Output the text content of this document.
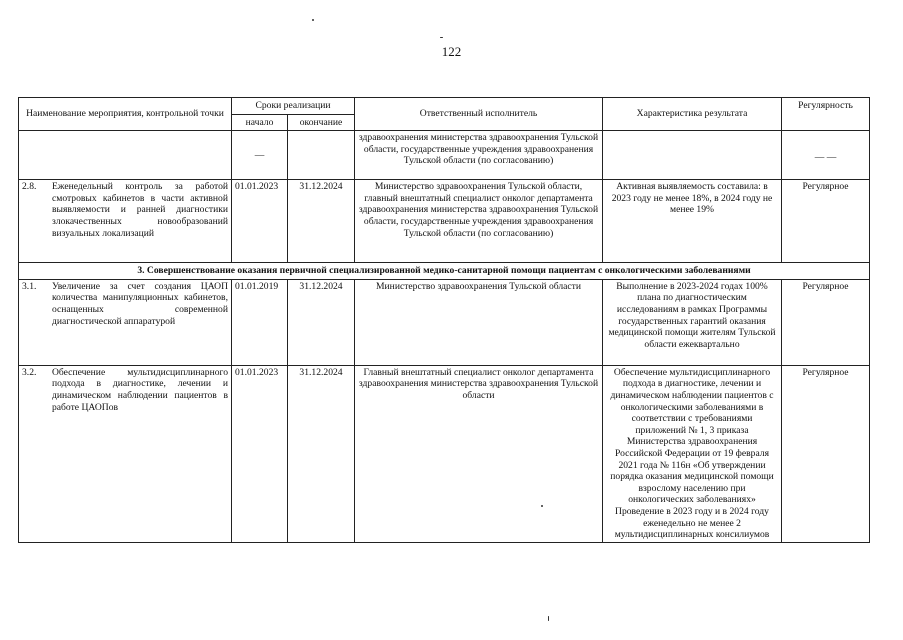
122
Наименование мероприятия, контрольной точки	Сроки реализации		Ответственный исполнитель	Характеристика результата	Регулярность
	начало	окончание			

	—		здравоохранения министерства здравоохранения Тульской области, государственные учреждения здравоохранения Тульской области (по согласованию)		— —

2.8. Еженедельный контроль за работой смотровых кабинетов в части активной выявляемости и ранней диагностики злокачественных новообразований визуальных локализаций	01.01.2023	31.12.2024	Министерство здравоохранения Тульской области, главный внештатный специалист онколог департамента здравоохранения министерства здравоохранения Тульской области, государственные учреждения здравоохранения Тульской области (по согласованию)	Активная выявляемость составила: в 2023 году не менее 18%, в 2024 году не менее 19%	Регулярное
3. Совершенствование оказания первичной специализированной медико-санитарной помощи пациентам с онкологическими заболеваниями					
3.1. Увеличение за счет создания ЦАОП количества манипуляционных кабинетов, оснащенных современной диагностической аппаратурой	01.01.2019	31.12.2024	Министерство здравоохранения Тульской области	Выполнение в 2023-2024 годах 100% плана по диагностическим исследованиям в рамках Программы государственных гарантий оказания медицинской помощи жителям Тульской области ежеквартально	Регулярное
3.2. Обеспечение мультидисциплинарного подхода в диагностике, лечении и динамическом наблюдении пациентов в работе ЦАОПов	01.01.2023	31.12.2024	Главный внештатный специалист онколог департамента здравоохранения министерства здравоохранения Тульской области	Обеспечение мультидисциплинарного подхода в диагностике, лечении и динамическом наблюдении пациентов с онкологическими заболеваниями в соответствии с требованиями приложений № 1, 3 приказа Министерства здравоохранения Российской Федерации от 19 февраля 2021 года № 116н «Об утверждении порядка оказания медицинской помощи взрослому населению при онкологических заболеваниях» Проведение в 2023 году и в 2024 году еженедельно не менее 2 мультидисциплинарных консилиумов	Регулярное
